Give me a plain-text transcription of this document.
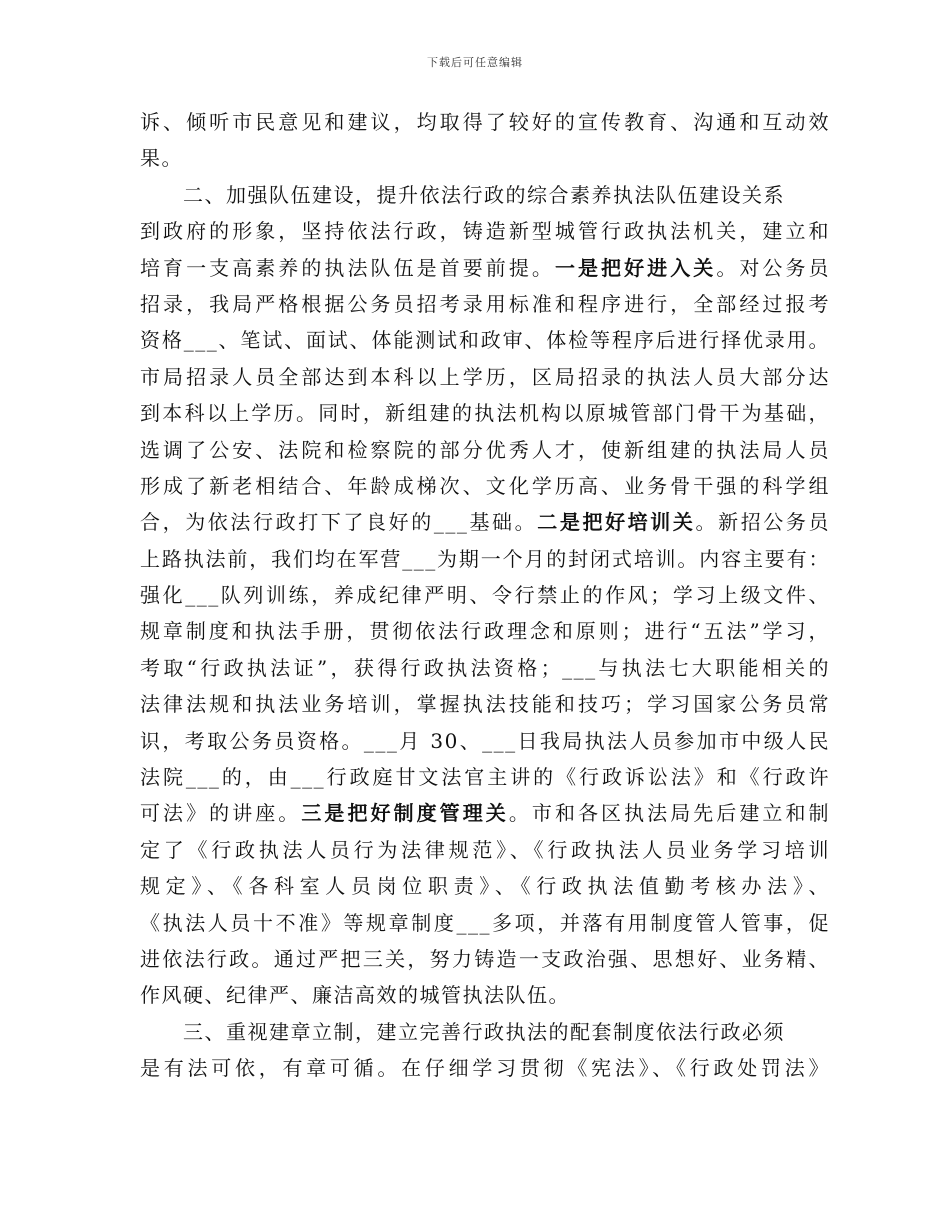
下载后可任意编辑
诉、倾听市民意见和建议，均取得了较好的宣传教育、沟通和互动效
果。
二、加强队伍建设，提升依法行政的综合素养执法队伍建设关系
到政府的形象，坚持依法行政，铸造新型城管行政执法机关，建立和
培育一支高素养的执法队伍是首要前提。一是把好进入关。对公务员
招录，我局严格根据公务员招考录用标准和程序进行，全部经过报考
资格___、笔试、面试、体能测试和政审、体检等程序后进行择优录用。
市局招录人员全部达到本科以上学历，区局招录的执法人员大部分达
到本科以上学历。同时，新组建的执法机构以原城管部门骨干为基础，
选调了公安、法院和检察院的部分优秀人才，使新组建的执法局人员
形成了新老相结合、年龄成梯次、文化学历高、业务骨干强的科学组
合，为依法行政打下了良好的___基础。二是把好培训关。新招公务员
上路执法前，我们均在军营___为期一个月的封闭式培训。内容主要有：
强化___队列训练，养成纪律严明、令行禁止的作风；学习上级文件、
规章制度和执法手册，贯彻依法行政理念和原则；进行“五法”学习，
考取“行政执法证”，获得行政执法资格；___与执法七大职能相关的
法律法规和执法业务培训，掌握执法技能和技巧；学习国家公务员常
识，考取公务员资格。___月 30、___日我局执法人员参加市中级人民
法院___的，由___行政庭甘文法官主讲的《行政诉讼法》和《行政许
可法》的讲座。三是把好制度管理关。市和各区执法局先后建立和制
定了《行政执法人员行为法律规范》、《行政执法人员业务学习培训
规定》、《各科室人员岗位职责》、《行政执法值勤考核办法》、
《执法人员十不准》等规章制度___多项，并落有用制度管人管事，促
进依法行政。通过严把三关，努力铸造一支政治强、思想好、业务精、
作风硬、纪律严、廉洁高效的城管执法队伍。
三、重视建章立制，建立完善行政执法的配套制度依法行政必须
是有法可依，有章可循。在仔细学习贯彻《宪法》、《行政处罚法》
